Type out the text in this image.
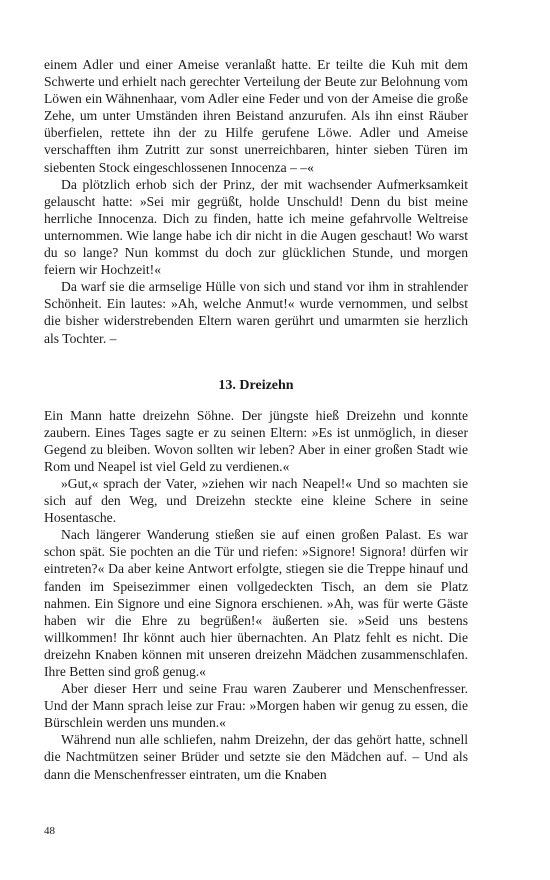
einem Adler und einer Ameise veranlaßt hatte. Er teilte die Kuh mit dem Schwerte und erhielt nach gerechter Verteilung der Beute zur Belohnung vom Löwen ein Wähnenhaar, vom Adler eine Feder und von der Ameise die große Zehe, um unter Umständen ihren Beistand anzurufen. Als ihn einst Räuber überfielen, rettete ihn der zu Hilfe gerufene Löwe. Adler und Ameise verschafften ihm Zutritt zur sonst unerreichbaren, hinter sieben Türen im siebenten Stock eingeschlossenen Innocenza – –«

Da plötzlich erhob sich der Prinz, der mit wachsender Aufmerksamkeit gelauscht hatte: »Sei mir gegrüßt, holde Unschuld! Denn du bist meine herrliche Innocenza. Dich zu finden, hatte ich meine gefahrvolle Weltreise unternommen. Wie lange habe ich dir nicht in die Augen geschaut! Wo warst du so lange? Nun kommst du doch zur glücklichen Stunde, und morgen feiern wir Hochzeit!«

Da warf sie die armselige Hülle von sich und stand vor ihm in strahlender Schönheit. Ein lautes: »Ah, welche Anmut!« wurde vernommen, und selbst die bisher widerstrebenden Eltern waren gerührt und umarmten sie herzlich als Tochter. –

13. Dreizehn

Ein Mann hatte dreizehn Söhne. Der jüngste hieß Dreizehn und konnte zaubern. Eines Tages sagte er zu seinen Eltern: »Es ist unmöglich, in dieser Gegend zu bleiben. Wovon sollten wir leben? Aber in einer großen Stadt wie Rom und Neapel ist viel Geld zu verdienen.«

»Gut,« sprach der Vater, »ziehen wir nach Neapel!« Und so machten sie sich auf den Weg, und Dreizehn steckte eine kleine Schere in seine Hosentasche.

Nach längerer Wanderung stießen sie auf einen großen Palast. Es war schon spät. Sie pochten an die Tür und riefen: »Signore! Signora! dürfen wir eintreten?« Da aber keine Antwort erfolgte, stiegen sie die Treppe hinauf und fanden im Speisezimmer einen vollgedeckten Tisch, an dem sie Platz nahmen. Ein Signore und eine Signora erschienen. »Ah, was für werte Gäste haben wir die Ehre zu begrüßen!« äußerten sie. »Seid uns bestens willkommen! Ihr könnt auch hier übernachten. An Platz fehlt es nicht. Die dreizehn Knaben können mit unseren dreizehn Mädchen zusammenschlafen. Ihre Betten sind groß genug.«

Aber dieser Herr und seine Frau waren Zauberer und Menschenfresser. Und der Mann sprach leise zur Frau: »Morgen haben wir genug zu essen, die Bürschlein werden uns munden.«

Während nun alle schliefen, nahm Dreizehn, der das gehört hatte, schnell die Nachtmützen seiner Brüder und setzte sie den Mädchen auf. – Und als dann die Menschenfresser eintraten, um die Knaben

48
